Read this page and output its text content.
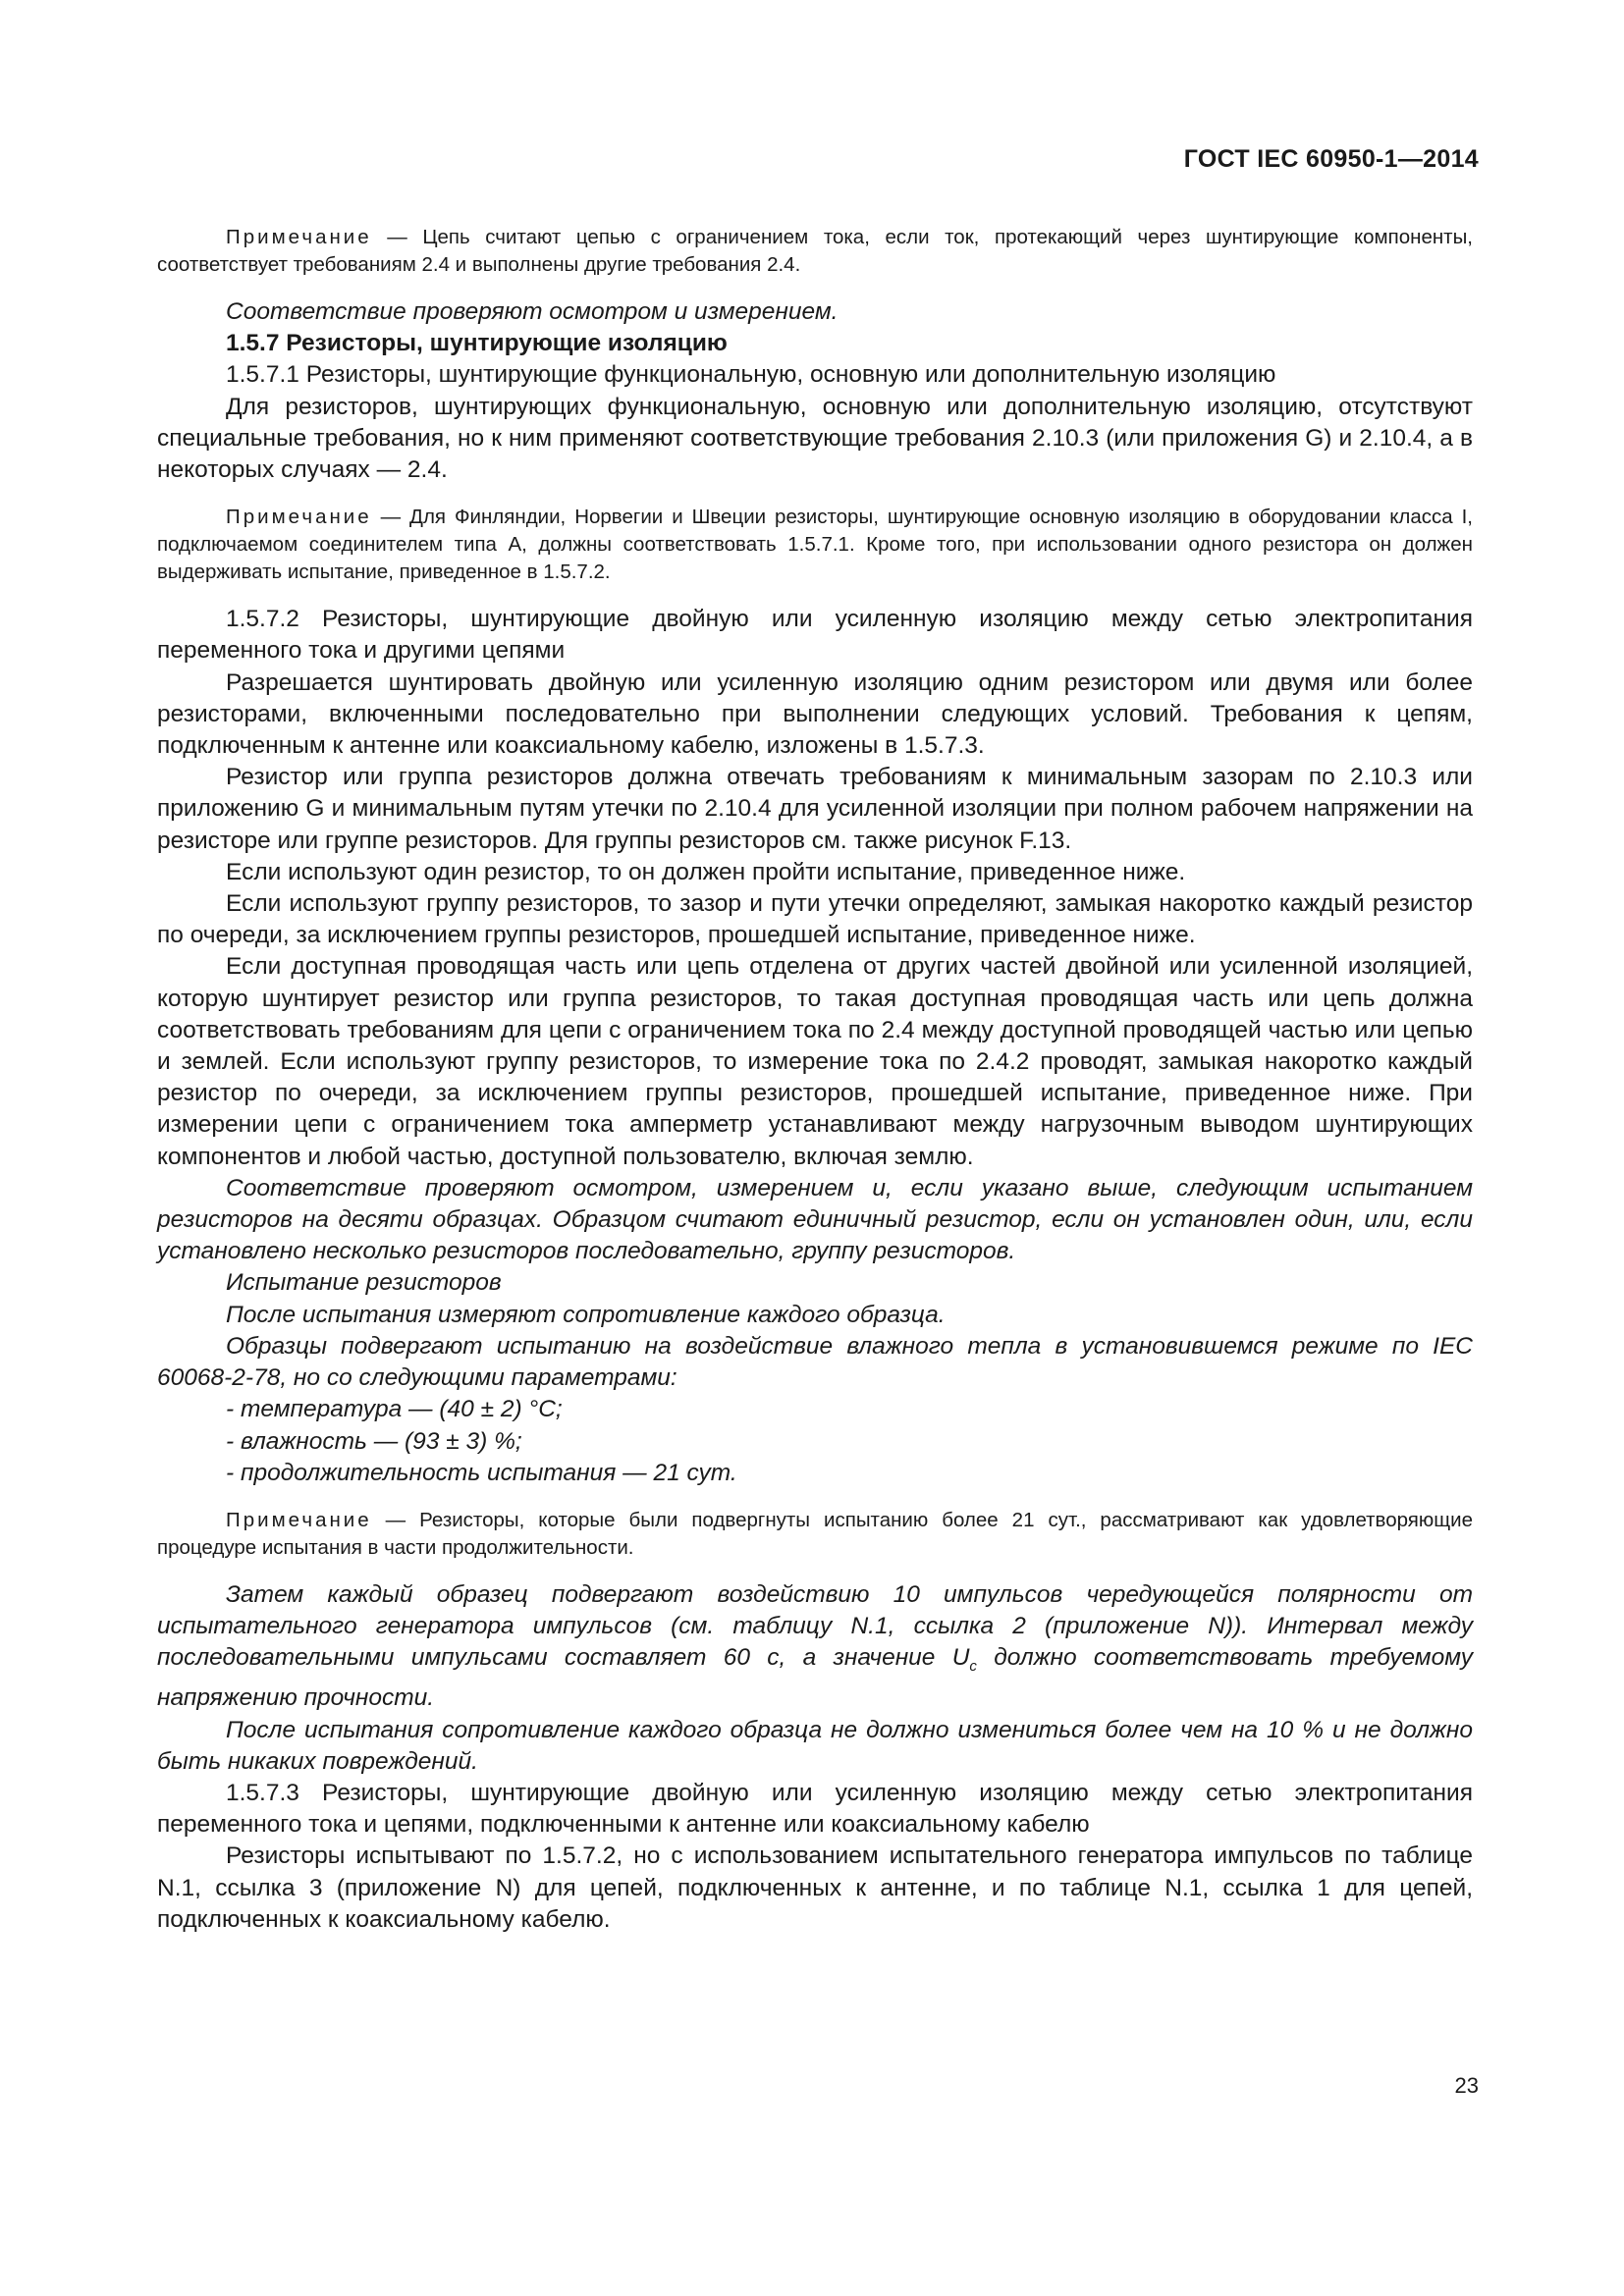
ГОСТ IEC 60950-1—2014

Примечание — Цепь считают цепью с ограничением тока, если ток, протекающий через шунтирующие компоненты, соответствует требованиям 2.4 и выполнены другие требования 2.4.

Соответствие проверяют осмотром и измерением.

1.5.7 Резисторы, шунтирующие изоляцию

1.5.7.1 Резисторы, шунтирующие функциональную, основную или дополнительную изоляцию

Для резисторов, шунтирующих функциональную, основную или дополнительную изоляцию, отсутствуют специальные требования, но к ним применяют соответствующие требования 2.10.3 (или приложения G) и 2.10.4, а в некоторых случаях — 2.4.

Примечание — Для Финляндии, Норвегии и Швеции резисторы, шунтирующие основную изоляцию в оборудовании класса I, подключаемом соединителем типа А, должны соответствовать 1.5.7.1. Кроме того, при использовании одного резистора он должен выдерживать испытание, приведенное в 1.5.7.2.

1.5.7.2 Резисторы, шунтирующие двойную или усиленную изоляцию между сетью электропитания переменного тока и другими цепями

Разрешается шунтировать двойную или усиленную изоляцию одним резистором или двумя или более резисторами, включенными последовательно при выполнении следующих условий. Требования к цепям, подключенным к антенне или коаксиальному кабелю, изложены в 1.5.7.3.

Резистор или группа резисторов должна отвечать требованиям к минимальным зазорам по 2.10.3 или приложению G и минимальным путям утечки по 2.10.4 для усиленной изоляции при полном рабочем напряжении на резисторе или группе резисторов. Для группы резисторов см. также рисунок F.13.

Если используют один резистор, то он должен пройти испытание, приведенное ниже.

Если используют группу резисторов, то зазор и пути утечки определяют, замыкая накоротко каждый резистор по очереди, за исключением группы резисторов, прошедшей испытание, приведенное ниже.

Если доступная проводящая часть или цепь отделена от других частей двойной или усиленной изоляцией, которую шунтирует резистор или группа резисторов, то такая доступная проводящая часть или цепь должна соответствовать требованиям для цепи с ограничением тока по 2.4 между доступной проводящей частью или цепью и землей. Если используют группу резисторов, то измерение тока по 2.4.2 проводят, замыкая накоротко каждый резистор по очереди, за исключением группы резисторов, прошедшей испытание, приведенное ниже. При измерении цепи с ограничением тока амперметр устанавливают между нагрузочным выводом шунтирующих компонентов и любой частью, доступной пользователю, включая землю.

Соответствие проверяют осмотром, измерением и, если указано выше, следующим испытанием резисторов на десяти образцах. Образцом считают единичный резистор, если он установлен один, или, если установлено несколько резисторов последовательно, группу резисторов.

Испытание резисторов

После испытания измеряют сопротивление каждого образца.

Образцы подвергают испытанию на воздействие влажного тепла в установившемся режиме по IEC 60068-2-78, но со следующими параметрами:

- температура — (40 ± 2) °C;

- влажность — (93 ± 3) %;

- продолжительность испытания — 21 сут.

Примечание — Резисторы, которые были подвергнуты испытанию более 21 сут., рассматривают как удовлетворяющие процедуре испытания в части продолжительности.

Затем каждый образец подвергают воздействию 10 импульсов чередующейся полярности от испытательного генератора импульсов (см. таблицу N.1, ссылка 2 (приложение N)). Интервал между последовательными импульсами составляет 60 с, а значение $U_c$ должно соответствовать требуемому напряжению прочности.

После испытания сопротивление каждого образца не должно измениться более чем на 10 % и не должно быть никаких повреждений.

1.5.7.3 Резисторы, шунтирующие двойную или усиленную изоляцию между сетью электропитания переменного тока и цепями, подключенными к антенне или коаксиальному кабелю

Резисторы испытывают по 1.5.7.2, но с использованием испытательного генератора импульсов по таблице N.1, ссылка 3 (приложение N) для цепей, подключенных к антенне, и по таблице N.1, ссылка 1 для цепей, подключенных к коаксиальному кабелю.

23
